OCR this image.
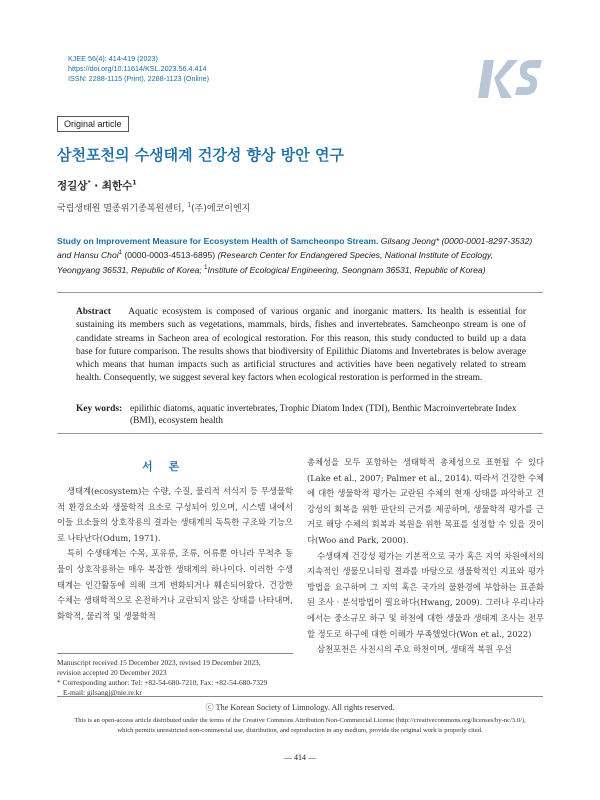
KJEE 56(4): 414-419 (2023)
https://doi.org/10.11614/KSL.2023.56.4.414
ISSN: 2288-1115 (Print), 2288-1123 (Online)
KSL
Original article
삼천포천의 수생태계 건강성 향상 방안 연구
정길상* · 최한수$^1$
국립생태원 멸종위기종복원센터, $^1$(주)에코이엔지
Study on Improvement Measure for Ecosystem Health of Samcheonpo Stream. Gilsang Jeong* (0000-0001-8297-3532) and Hansu Choi$^1$ (0000-0003-4513-6895) (Research Center for Endangered Species, National Institute of Ecology, Yeongyang 36531, Republic of Korea; $^1$Institute of Ecological Engineering, Seongnam 36531, Republic of Korea)
Abstract Aquatic ecosystem is composed of various organic and inorganic matters. Its health is essential for sustaining its members such as vegetations, mammals, birds, fishes and invertebrates. Samcheonpo stream is one of candidate streams in Sacheon area of ecological restoration. For this reason, this study conducted to build up a data base for future comparison. The results shows that biodiversity of Epilithic Diatoms and Invertebrates is below average which means that human impacts such as artificial structures and activities have been negatively related to stream health. Consequently, we suggest several key factors when ecological restoration is performed in the stream.
Key words: epilithic diatoms, aquatic invertebrates, Trophic Diatom Index (TDI), Benthic Macroinvertebrate Index (BMI), ecosystem health
서론

생태계(ecosystem)는 수량, 수질, 물리적 서식지 등 무생물학적 환경요소와 생물학적 요소로 구성되어 있으며, 시스템 내에서 이들 요소들의 상호작용의 결과는 생태계의 독특한 구조와 기능으로 나타난다(Odum, 1971).

특히 수생태계는 수목, 포유류, 조류, 어류뿐 아니라 무척추 동물이 상호작용하는 매우 복잡한 생태계의 하나이다. 이러한 수생태계는 인간활동에 의해 크게 변화되거나 훼손되어왔다. 건강한 수체는 생태학적으로 온전하거나 교란되지 않은 상태를 나타내며, 화학적, 물리적 및 생물학적

총체성을 모두 포함하는 생태학적 총체성으로 표현될 수 있다(Lake et al., 2007; Palmer et al., 2014). 따라서 건강한 수체에 대한 생물학적 평가는 교란된 수체의 현재 상태를 파악하고 건강성의 회복을 위한 판단의 근거를 제공하며, 생물학적 평가를 근거로 해당 수체의 회복과 복원을 위한 목표를 설정할 수 있을 것이다(Woo and Park, 2000).

수생태계 건강성 평가는 기본적으로 국가 혹은 지역 차원에서의 지속적인 생물모니터링 결과를 바탕으로 생물학적인 지표와 평가방법을 요구하며 그 지역 혹은 국가의 물환경에 부합하는 표준화된 조사 · 분석방법이 필요하다(Hwang, 2009). 그러나 우리나라에서는 중소규모 하구 및 하천에 대한 생물과 생태계 조사는 전무할 정도로 하구에 대한 이해가 부족했었다(Won et al., 2022)

삼천포천은 사천시의 주요 하천이며, 생태적 복원 우선

Manuscript received 15 December 2023, revised 19 December 2023,
revision accepted 20 December 2023
* Corresponding author: Tel: +82-54-680-7210, Fax: +82-54-680-7329
E-mail: gilsangj@nie.re.kr
ⓒ The Korean Society of Limnology. All rights reserved.
This is an open-access article distributed under the terms of the Creative Commons Attribution Non-Commercial License (http://creativecommons.org/licenses/by-nc/3.0/),
which permits unrestricted non-commercial use, distribution, and reproduction in any medium, provide the original work is properly cited.
― 414 ―
